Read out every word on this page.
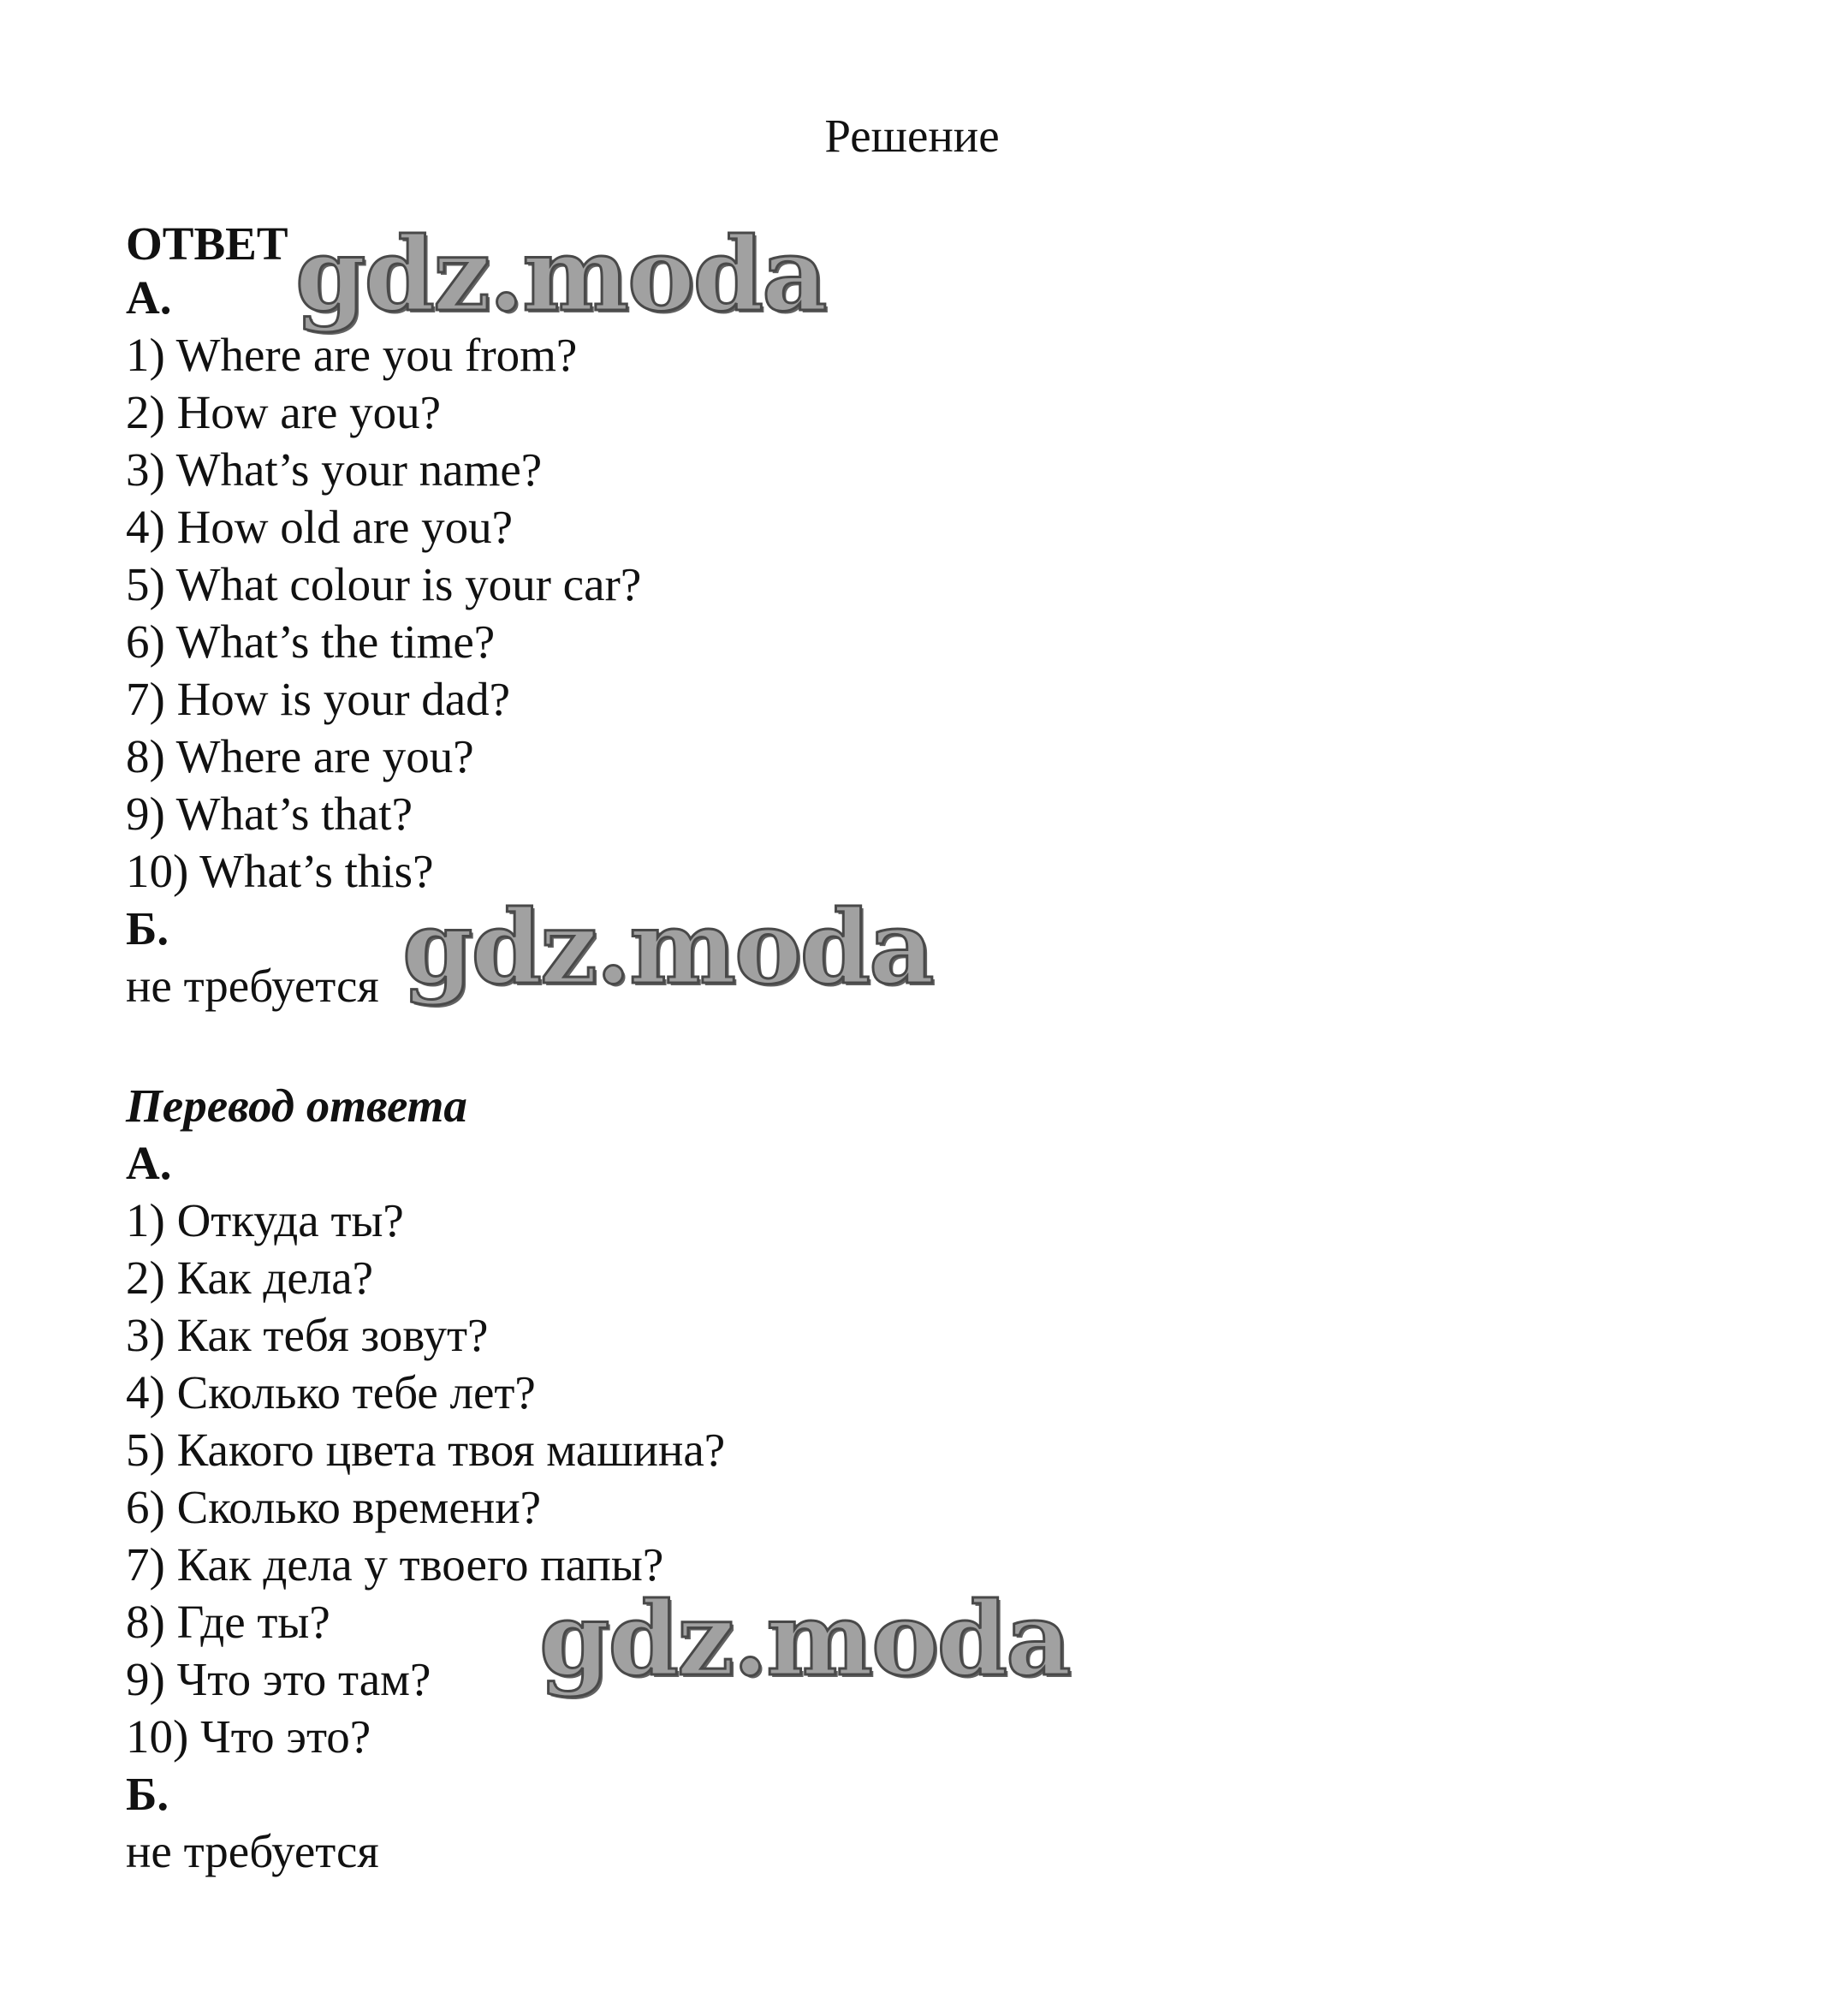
Решение
ОТВЕТ
А.
1) Where are you from?
2) How are you?
3) What’s your name?
4) How old are you?
5) What colour is your car?
6) What’s the time?
7) How is your dad?
8) Where are you?
9) What’s that?
10) What’s this?
Б.
не требуется
Перевод ответа
А.
1) Откуда ты?
2) Как дела?
3) Как тебя зовут?
4) Сколько тебе лет?
5) Какого цвета твоя машина?
6) Сколько времени?
7) Как дела у твоего папы?
8) Где ты?
9) Что это там?
10) Что это?
Б.
не требуется
gdz.moda
gdz.moda
gdz.moda
